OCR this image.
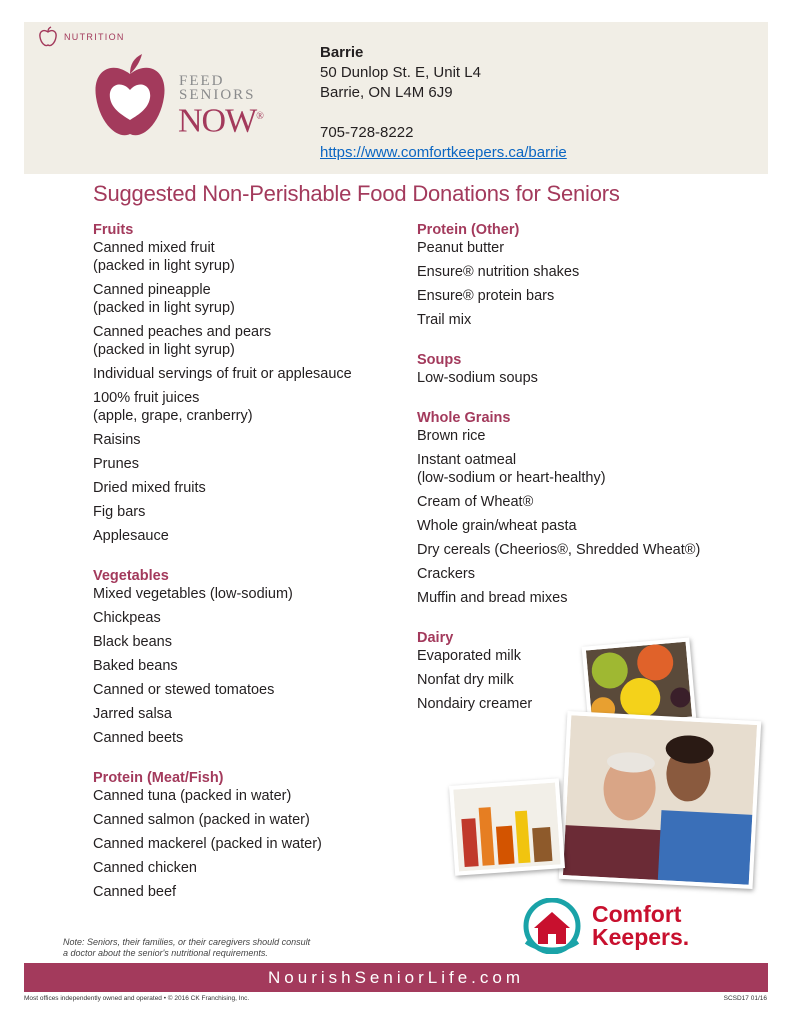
NUTRITION
FEED
SENIORS
NOW®
Barrie
50 Dunlop St. E, Unit L4
Barrie, ON L4M 6J9
705-728-8222
https://www.comfortkeepers.ca/barrie
Suggested Non-Perishable Food Donations for Seniors
Fruits
Canned mixed fruit
(packed in light syrup)
Canned pineapple
(packed in light syrup)
Canned peaches and pears
(packed in light syrup)
Individual servings of fruit or applesauce
100% fruit juices
(apple, grape, cranberry)
Raisins
Prunes
Dried mixed fruits
Fig bars
Applesauce
Vegetables
Mixed vegetables (low-sodium)
Chickpeas
Black beans
Baked beans
Canned or stewed tomatoes
Jarred salsa
Canned beets
Protein (Meat/Fish)
Canned tuna (packed in water)
Canned salmon (packed in water)
Canned mackerel (packed in water)
Canned chicken
Canned beef
Protein (Other)
Peanut butter
Ensure® nutrition shakes
Ensure® protein bars
Trail mix
Soups
Low-sodium soups
Whole Grains
Brown rice
Instant oatmeal
(low-sodium or heart-healthy)
Cream of Wheat®
Whole grain/wheat pasta
Dry cereals (Cheerios®, Shredded Wheat®)
Crackers
Muffin and bread mixes
Dairy
Evaporated milk
Nonfat dry milk
Nondairy creamer
Comfort
Keepers.
Note: Seniors, their families, or their caregivers should consult
a doctor about the senior's nutritional requirements.
NourishSeniorLife.com
Most offices independently owned and operated • © 2016 CK Franchising, Inc.	SCSD17 01/16
